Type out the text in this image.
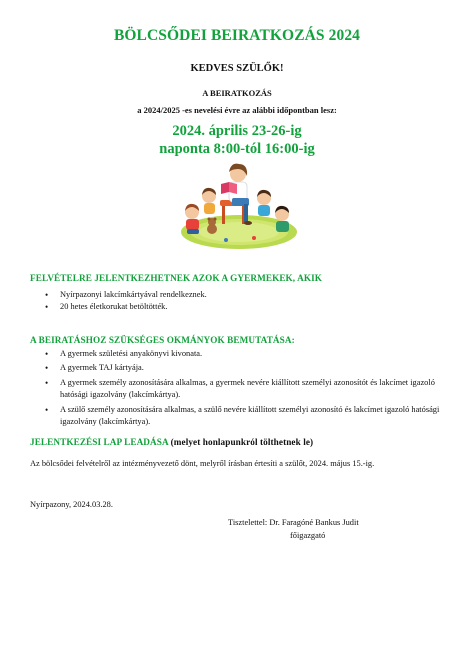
BÖLCSŐDEI BEIRATKOZÁS 2024
KEDVES SZÜLŐK!
A BEIRATKOZÁS
a 2024/2025 -es nevelési évre az alábbi időpontban lesz:
2024. április 23-26-ig
naponta 8:00-tól 16:00-ig
FELVÉTELRE JELENTKEZHETNEK AZOK A GYERMEKEK, AKIK
• Nyírpazonyi lakcímkártyával rendelkeznek.
• 20 hetes életkorukat betöltötték.
A BEIRATÁSHOZ SZÜKSÉGES OKMÁNYOK BEMUTATÁSA:
• A gyermek születési anyakönyvi kivonata.
• A gyermek TAJ kártyája.
• A gyermek személy azonosítására alkalmas, a gyermek nevére kiállított személyi azonosítót és lakcímet igazoló hatósági igazolvány (lakcímkártya).
• A szülő személy azonosítására alkalmas, a szülő nevére kiállított személyi azonosító és lakcímet igazoló hatósági igazolvány (lakcímkártya).
JELENTKEZÉSI LAP LEADÁSA (melyet honlapunkról tölthetnek le)
Az bölcsődei felvételről az intézményvezető dönt, melyről írásban értesíti a szülőt, 2024. május 15.-ig.
Nyírpazony, 2024.03.28.
Tisztelettel: Dr. Faragóné Bankus Judit
főigazgató
